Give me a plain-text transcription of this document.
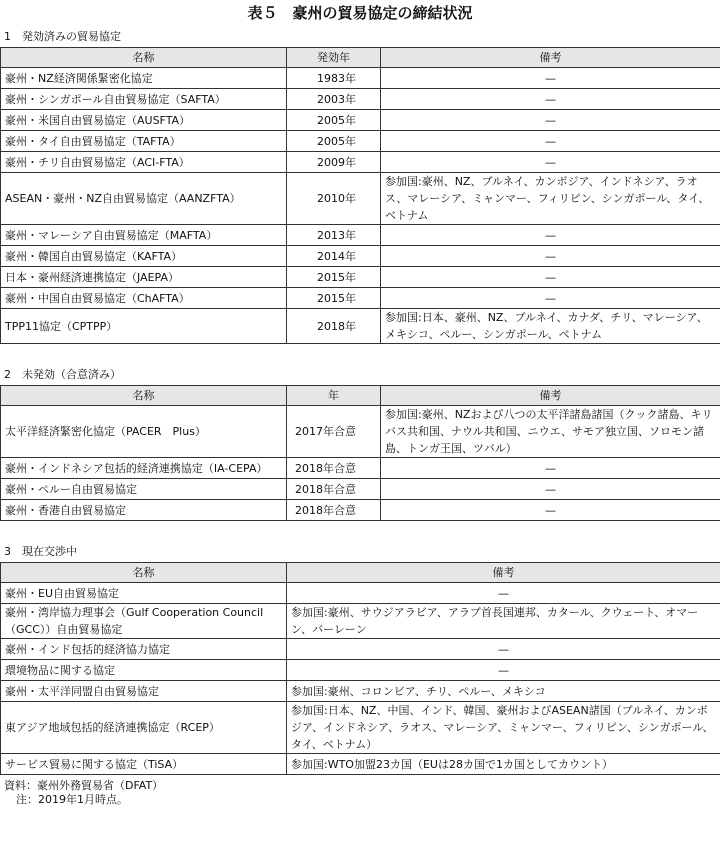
表５　豪州の貿易協定の締結状況
1　発効済みの貿易協定
名称	発効年	備考
豪州・NZ経済関係緊密化協定	1983年	—
豪州・シンガポール自由貿易協定（SAFTA）	2003年	—
豪州・米国自由貿易協定（AUSFTA）	2005年	—
豪州・タイ自由貿易協定（TAFTA）	2005年	—
豪州・チリ自由貿易協定（ACI-FTA）	2009年	—
ASEAN・豪州・NZ自由貿易協定（AANZFTA）	2010年	参加国:豪州、NZ、ブルネイ、カンボジア、インドネシア、ラオス、マレーシア、ミャンマー、フィリピン、シンガポール、タイ、ベトナム
豪州・マレーシア自由貿易協定（MAFTA）	2013年	—
豪州・韓国自由貿易協定（KAFTA）	2014年	—
日本・豪州経済連携協定（JAEPA）	2015年	—
豪州・中国自由貿易協定（ChAFTA）	2015年	—
TPP11協定（CPTPP）	2018年	参加国:日本、豪州、NZ、ブルネイ、カナダ、チリ、マレーシア、メキシコ、ペルー、シンガポール、ベトナム
2　未発効（合意済み）
名称	年	備考
太平洋経済緊密化協定（PACER　Plus）	2017年合意	参加国:豪州、NZおよび八つの太平洋諸島諸国（クック諸島、キリバス共和国、ナウル共和国、ニウエ、サモア独立国、ソロモン諸島、トンガ王国、ツバル）
豪州・インドネシア包括的経済連携協定（IA-CEPA）	2018年合意	—
豪州・ペルー自由貿易協定	2018年合意	—
豪州・香港自由貿易協定	2018年合意	—
3　現在交渉中
名称	備考
豪州・EU自由貿易協定	—
豪州・湾岸協力理事会（Gulf Cooperation Council（GCC））自由貿易協定	参加国:豪州、サウジアラビア、アラブ首長国連邦、カタール、クウェート、オマーン、バーレーン
豪州・インド包括的経済協力協定	—
環境物品に関する協定	—
豪州・太平洋同盟自由貿易協定	参加国:豪州、コロンビア、チリ、ペルー、メキシコ
東アジア地域包括的経済連携協定（RCEP）	参加国:日本、NZ、中国、インド、韓国、豪州およびASEAN諸国（ブルネイ、カンボジア、インドネシア、ラオス、マレーシア、ミャンマー、フィリピン、シンガポール、タイ、ベトナム）
サービス貿易に関する協定（TiSA）	参加国:WTO加盟23カ国（EUは28カ国で1カ国としてカウント）
資料：豪州外務貿易省（DFAT）
注：2019年1月時点。
